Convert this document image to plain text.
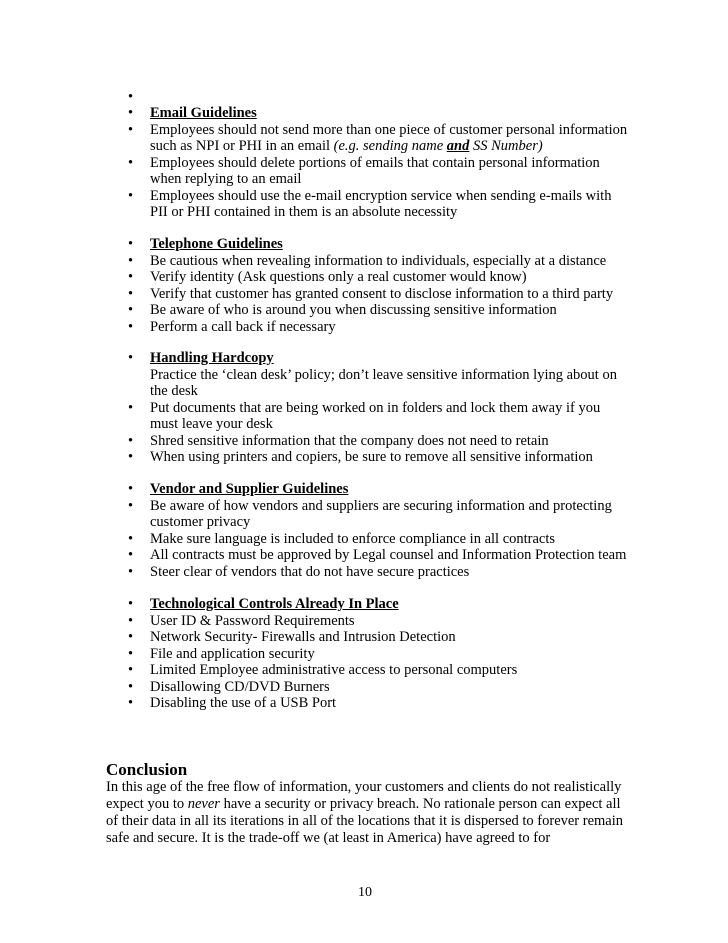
•
• Email Guidelines
• Employees should not send more than one piece of customer personal information such as NPI or PHI in an email (e.g. sending name and SS Number)
• Employees should delete portions of emails that contain personal information when replying to an email
• Employees should use the e-mail encryption service when sending e-mails with PII or PHI contained in them is an absolute necessity
• Telephone Guidelines
• Be cautious when revealing information to individuals, especially at a distance
• Verify identity (Ask questions only a real customer would know)
• Verify that customer has granted consent to disclose information to a third party
• Be aware of who is around you when discussing sensitive information
• Perform a call back if necessary
• Handling Hardcopy
Practice the ‘clean desk’ policy; don’t leave sensitive information lying about on the desk
• Put documents that are being worked on in folders and lock them away if you must leave your desk
• Shred sensitive information that the company does not need to retain
• When using printers and copiers, be sure to remove all sensitive information
• Vendor and Supplier Guidelines
• Be aware of how vendors and suppliers are securing information and protecting customer privacy
• Make sure language is included to enforce compliance in all contracts
• All contracts must be approved by Legal counsel and Information Protection team
• Steer clear of vendors that do not have secure practices
• Technological Controls Already In Place
• User ID & Password Requirements
• Network Security- Firewalls and Intrusion Detection
• File and application security
• Limited Employee administrative access to personal computers
• Disallowing CD/DVD Burners
• Disabling the use of a USB Port
Conclusion
In this age of the free flow of information, your customers and clients do not realistically expect you to never have a security or privacy breach. No rationale person can expect all of their data in all its iterations in all of the locations that it is dispersed to forever remain safe and secure. It is the trade-off we (at least in America) have agreed to for
10
